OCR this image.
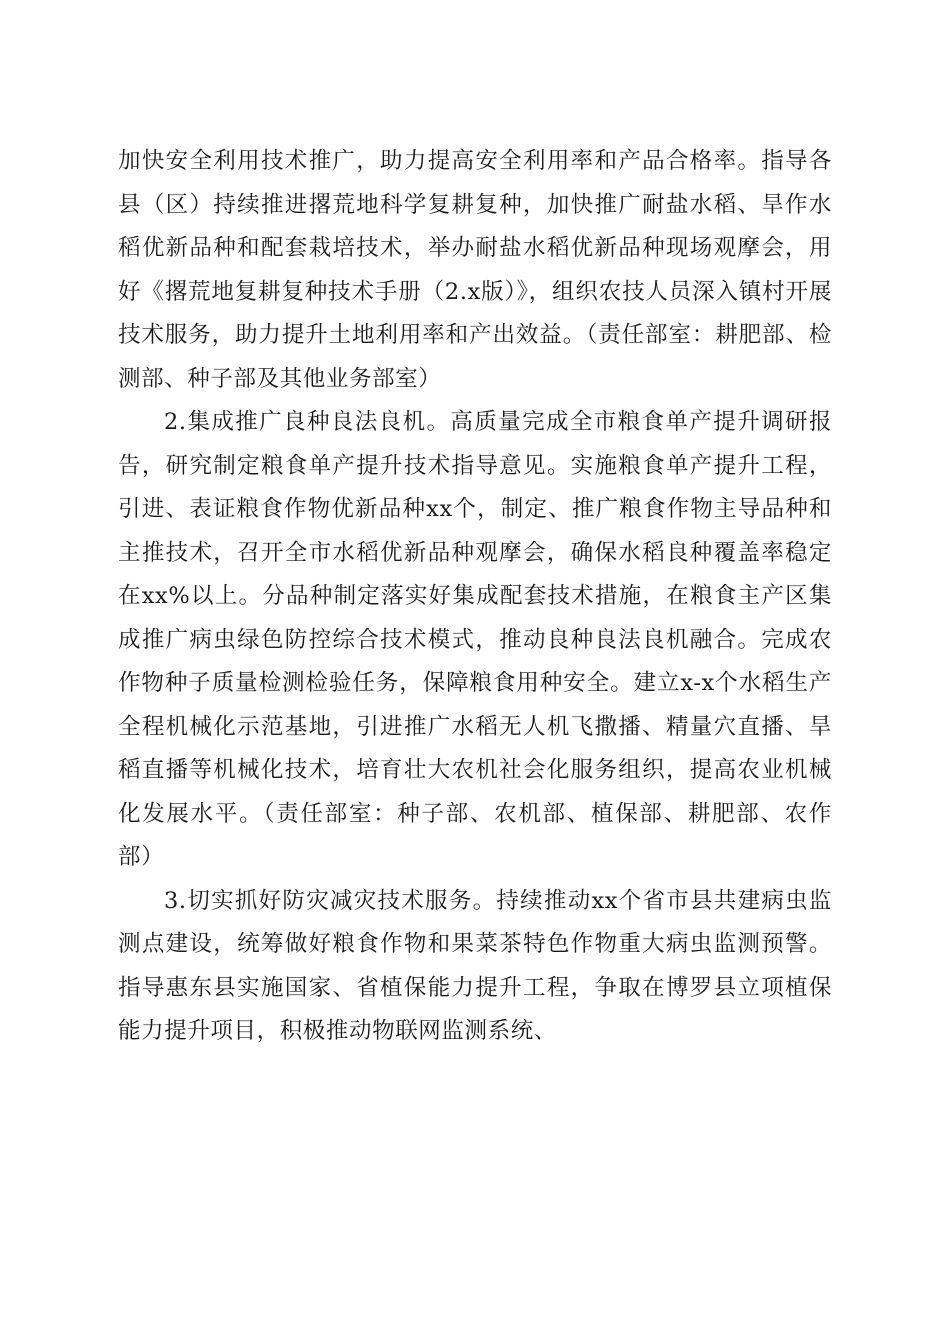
加快安全利用技术推广，助力提高安全利用率和产品合格率。指导各县（区）持续推进撂荒地科学复耕复种，加快推广耐盐水稻、旱作水稻优新品种和配套栽培技术，举办耐盐水稻优新品种现场观摩会，用好《撂荒地复耕复种技术手册（2.x版）》，组织农技人员深入镇村开展技术服务，助力提升土地利用率和产出效益。（责任部室：耕肥部、检测部、种子部及其他业务部室）

2.集成推广良种良法良机。高质量完成全市粮食单产提升调研报告，研究制定粮食单产提升技术指导意见。实施粮食单产提升工程，引进、表证粮食作物优新品种xx个，制定、推广粮食作物主导品种和主推技术，召开全市水稻优新品种观摩会，确保水稻良种覆盖率稳定在xx%以上。分品种制定落实好集成配套技术措施，在粮食主产区集成推广病虫绿色防控综合技术模式，推动良种良法良机融合。完成农作物种子质量检测检验任务，保障粮食用种安全。建立x-x个水稻生产全程机械化示范基地，引进推广水稻无人机飞撒播、精量穴直播、旱稻直播等机械化技术，培育壮大农机社会化服务组织，提高农业机械化发展水平。（责任部室：种子部、农机部、植保部、耕肥部、农作部）

3.切实抓好防灾减灾技术服务。持续推动xx个省市县共建病虫监测点建设，统筹做好粮食作物和果菜茶特色作物重大病虫监测预警。指导惠东县实施国家、省植保能力提升工程，争取在博罗县立项植保能力提升项目，积极推动物联网监测系统、
